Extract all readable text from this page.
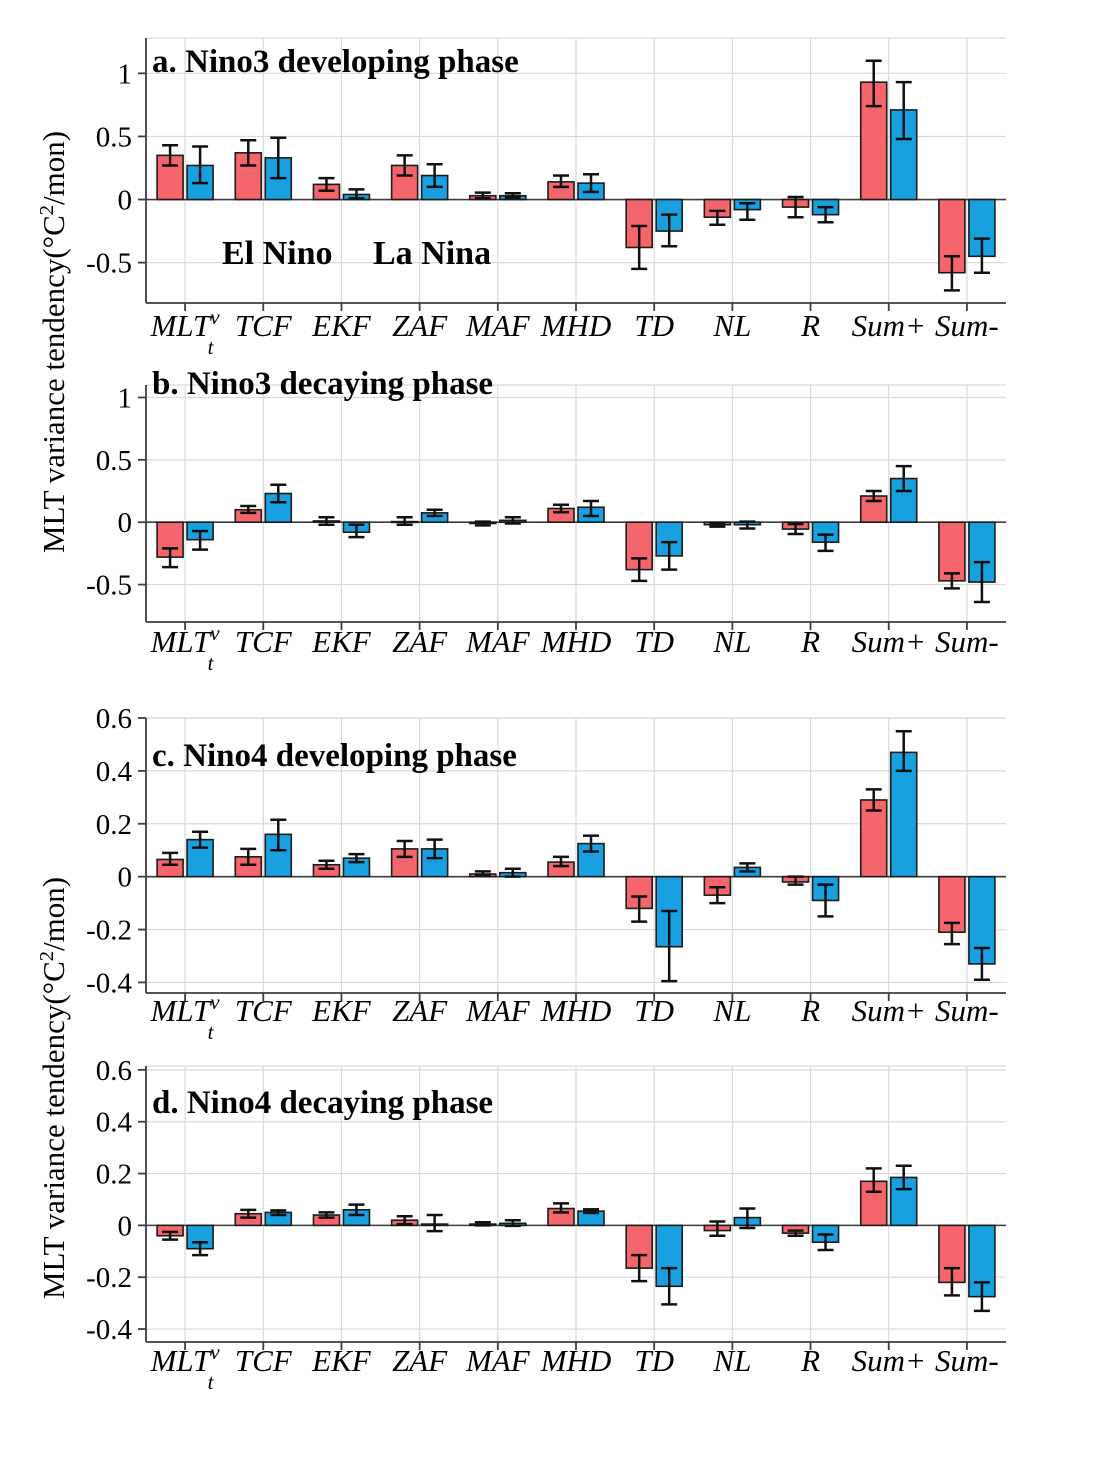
MLT variance $tendency(^\circ C^2/mon)$
MLT variance $tendency(^\circ C^2/mon)$
1
0.5
0
-0.5
MLT$^v$ t
TCF EKF ZAF MAF MHD TD NL R Sum+ Sum-
a. Nino3 developing phase
El Nino La Nina
1
0.5
0
-0.5
MLT$^v$ t
TCF EKF ZAF MAF MHD TD NL R Sum+ Sum-
b. Nino3 decaying phase
0.6
0.4
0.2
0
-0.2
-0.4
MLT$^v$ t
TCF EKF ZAF MAF MHD TD NL R Sum+ Sum-
c. Nino4 developing phase
0.6
0.4
0.2
0
-0.2
-0.4
MLT$^v$ t
TCF EKF ZAF MAF MHD TD NL R Sum+ Sum-
d. Nino4 decaying phase
